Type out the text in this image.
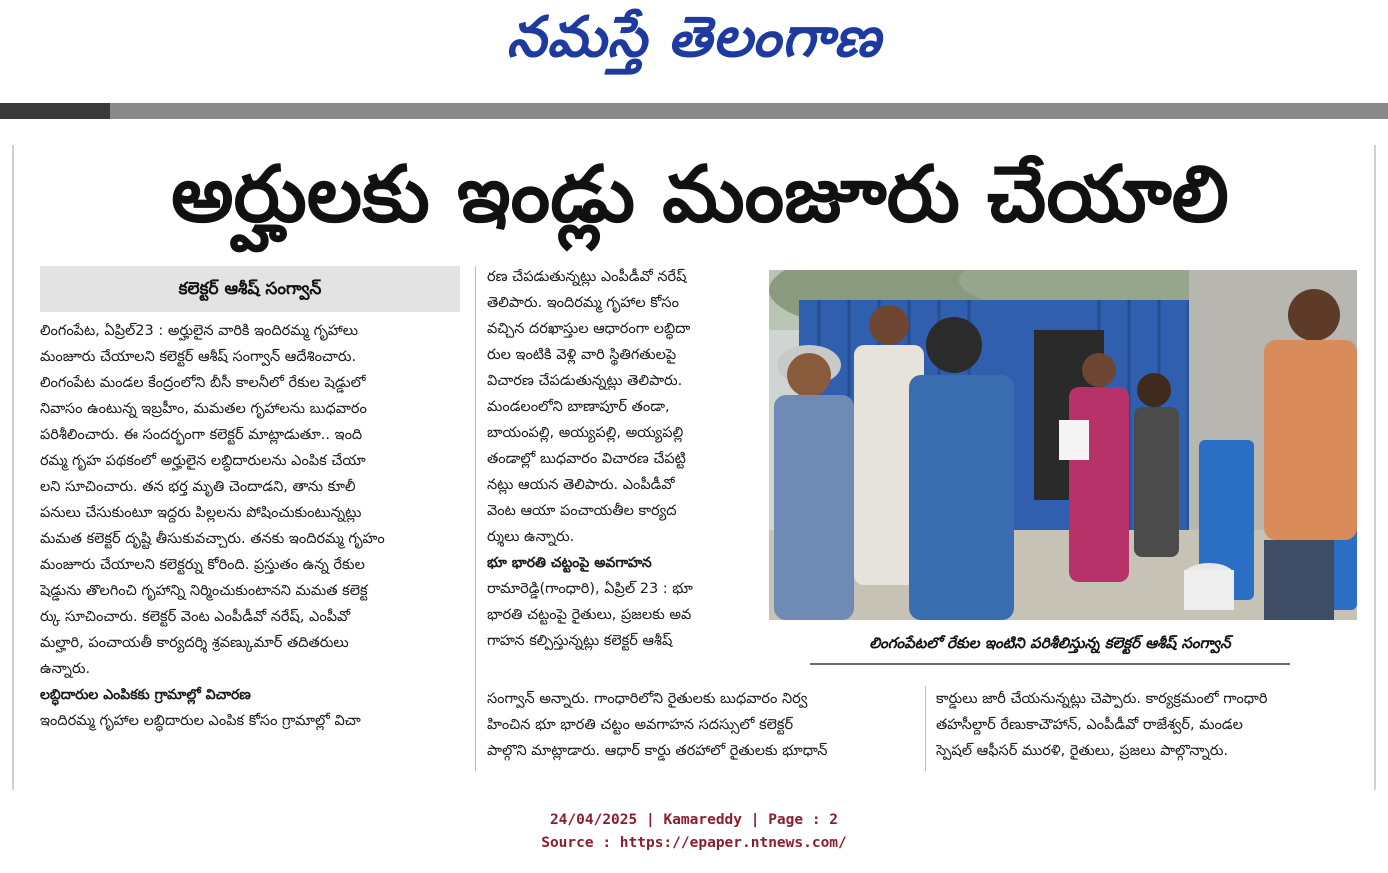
నమస్తే తెలంగాణ
అర్హులకు ఇండ్లు మంజూరు చేయాలి
కలెక్టర్ ఆశీష్ సంగ్వాన్

లింగంపేట, ఏప్రిల్23 : అర్హులైన వారికి ఇందిరమ్మ గృహాలు

మంజూరు చేయాలని కలెక్టర్ ఆశీష్ సంగ్వాన్ ఆదేశించారు.

లింగంపేట మండల కేంద్రంలోని బీసీ కాలనీలో రేకుల షెడ్డులో

నివాసం ఉంటున్న ఇబ్రహీం, మమతల గృహాలను బుధవారం

పరిశీలించారు. ఈ సందర్భంగా కలెక్టర్ మాట్లాడుతూ.. ఇంది

రమ్మ గృహ పథకంలో అర్హులైన లబ్ధిదారులను ఎంపిక చేయా

లని సూచించారు. తన భర్త మృతి చెందాడని, తాను కూలీ

పనులు చేసుకుంటూ ఇద్దరు పిల్లలను పోషించుకుంటున్నట్లు

మమత కలెక్టర్ దృష్టి తీసుకువచ్చారు. తనకు ఇందిరమ్మ గృహం

మంజూరు చేయాలని కలెక్టర్ను కోరింది. ప్రస్తుతం ఉన్న రేకుల

షెడ్డును తొలగించి గృహాన్ని నిర్మించుకుంటానని మమత కలెక్ట

ర్కు సూచించారు. కలెక్టర్ వెంట ఎంపీడీవో నరేష్, ఎంపీవో

మల్హారి, పంచాయతీ కార్యదర్శి శ్రవణ్కుమార్ తదితరులు

ఉన్నారు.

లబ్ధిదారుల ఎంపికకు గ్రామాల్లో విచారణ

ఇందిరమ్మ గృహాల లబ్ధిదారుల ఎంపిక కోసం గ్రామాల్లో విచా

రణ చేపడుతున్నట్లు ఎంపీడీవో నరేష్

తెలిపారు. ఇందిరమ్మ గృహాల కోసం

వచ్చిన దరఖాస్తుల ఆధారంగా లబ్ధిదా

రుల ఇంటికి వెళ్లి వారి స్థితిగతులపై

విచారణ చేపడుతున్నట్లు తెలిపారు.

మండలంలోని బాణాపూర్ తండా,

బాయంపల్లి, అయ్యపల్లి, అయ్యపల్లి

తండాల్లో బుధవారం విచారణ చేపట్టి

నట్లు ఆయన తెలిపారు. ఎంపీడీవో

వెంట ఆయా పంచాయతీల కార్యద

ర్శులు ఉన్నారు.

భూ భారతి చట్టంపై అవగాహన

రామారెడ్డి(గాంధారి), ఏప్రిల్ 23 : భూ

భారతి చట్టంపై రైతులు, ప్రజలకు అవ

గాహన కల్పిస్తున్నట్లు కలెక్టర్ ఆశీష్	లింగంపేటలో రేకుల ఇంటిని పరిశీలిస్తున్న కలెక్టర్ ఆశీష్ సంగ్వాన్

సంగ్వాన్ అన్నారు. గాంధారిలోని రైతులకు బుధవారం నిర్వ

హించిన భూ భారతి చట్టం అవగాహన సదస్సులో కలెక్టర్

పాల్గొని మాట్లాడారు. ఆధార్ కార్డు తరహాలో రైతులకు భూధాన్

కార్డులు జారీ చేయనున్నట్లు చెప్పారు. కార్యక్రమంలో గాంధారి

తహసీల్దార్ రేణుకాచౌహాన్, ఎంపీడీవో రాజేశ్వర్, మండల

స్పెషల్ ఆఫీసర్ మురళి, రైతులు, ప్రజలు పాల్గొన్నారు.

24/04/2025 | Kamareddy | Page : 2
Source : https://epaper.ntnews.com/
